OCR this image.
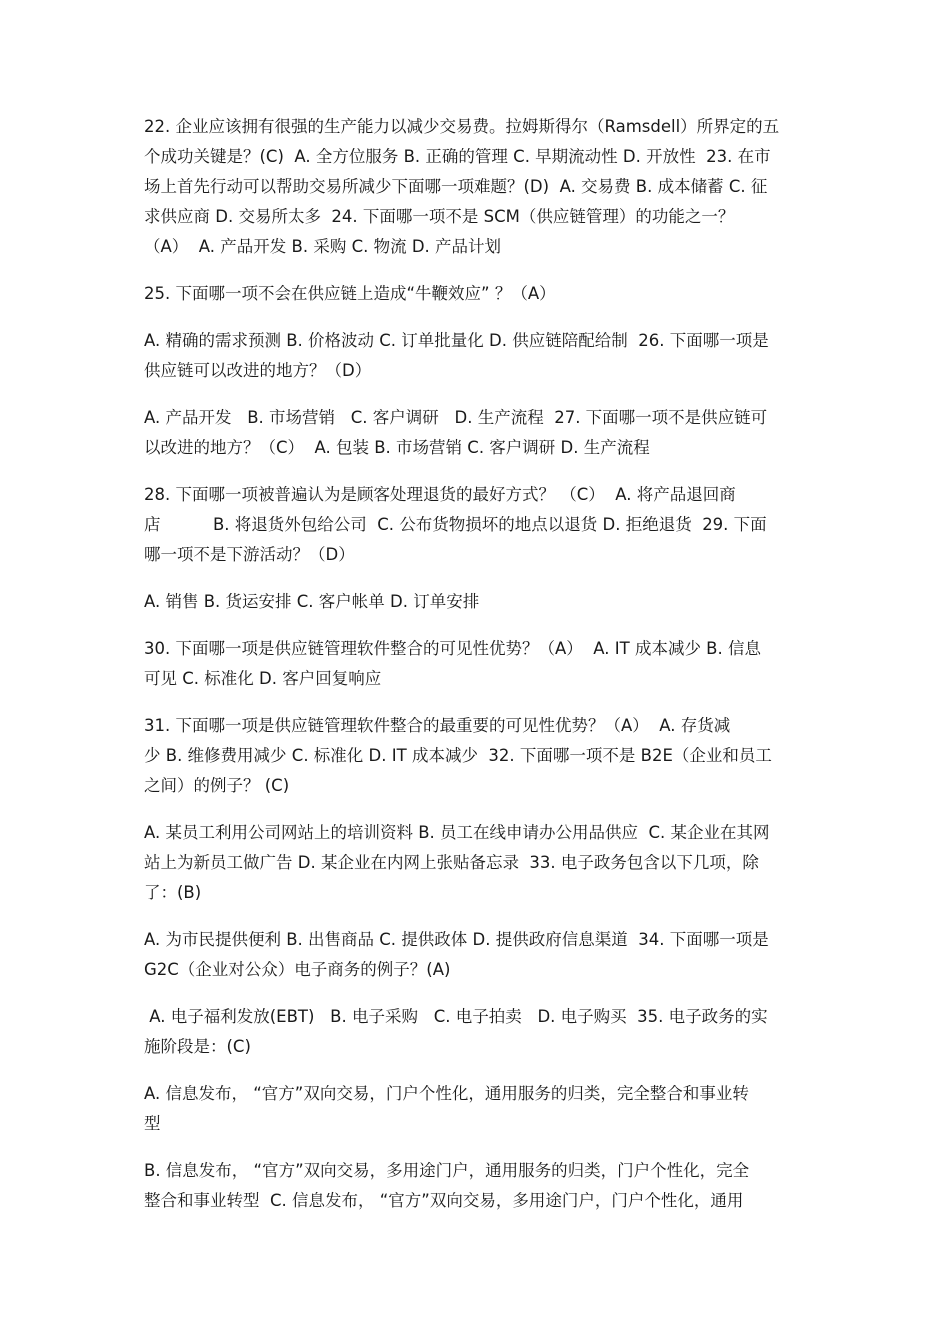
22. 企业应该拥有很强的生产能力以减少交易费。拉姆斯得尔（Ramsdell）所界定的五
个成功关键是？(C)  A. 全方位服务 B. 正确的管理 C. 早期流动性 D. 开放性  23. 在市
场上首先行动可以帮助交易所减少下面哪一项难题？(D)  A. 交易费 B. 成本储蓄 C. 征
求供应商 D. 交易所太多  24. 下面哪一项不是 SCM（供应链管理）的功能之一？
（A）  A. 产品开发 B. 采购 C. 物流 D. 产品计划
25. 下面哪一项不会在供应链上造成“牛鞭效应” ？（A）
A. 精确的需求预测 B. 价格波动 C. 订单批量化 D. 供应链陪配给制  26. 下面哪一项是
供应链可以改进的地方？（D）
A. 产品开发   B. 市场营销   C. 客户调研   D. 生产流程  27. 下面哪一项不是供应链可
以改进的地方？（C）  A. 包装 B. 市场营销 C. 客户调研 D. 生产流程
28. 下面哪一项被普遍认为是顾客处理退货的最好方式？ （C）  A. 将产品退回商
店          B. 将退货外包给公司  C. 公布货物损坏的地点以退货 D. 拒绝退货  29. 下面
哪一项不是下游活动？（D）
A. 销售 B. 货运安排 C. 客户帐单 D. 订单安排
30. 下面哪一项是供应链管理软件整合的可见性优势？（A）  A. IT 成本减少 B. 信息
可见 C. 标准化 D. 客户回复响应
31. 下面哪一项是供应链管理软件整合的最重要的可见性优势？（A）  A. 存货减
少 B. 维修费用减少 C. 标准化 D. IT 成本减少  32. 下面哪一项不是 B2E（企业和员工
之间）的例子？ (C)
A. 某员工利用公司网站上的培训资料 B. 员工在线申请办公用品供应  C. 某企业在其网
站上为新员工做广告 D. 某企业在内网上张贴备忘录  33. 电子政务包含以下几项，除
了：(B)
A. 为市民提供便利 B. 出售商品 C. 提供政体 D. 提供政府信息渠道  34. 下面哪一项是
G2C（企业对公众）电子商务的例子？(A)
A. 电子福利发放(EBT)   B. 电子采购   C. 电子拍卖   D. 电子购买  35. 电子政务的实
施阶段是：(C)
A. 信息发布， “官方”双向交易，门户个性化，通用服务的归类，完全整合和事业转
型
B. 信息发布， “官方”双向交易，多用途门户，通用服务的归类，门户个性化，完全
整合和事业转型  C. 信息发布， “官方”双向交易，多用途门户，门户个性化，通用
